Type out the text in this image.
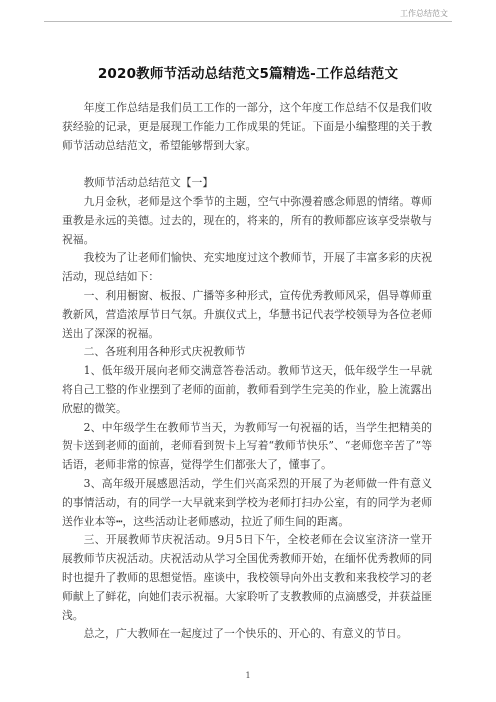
工作总结范文
2020教师节活动总结范文5篇精选-工作总结范文

年度工作总结是我们员工工作的一部分，这个年度工作总结不仅是我们收获经验的记录，更是展现工作能力工作成果的凭证。下面是小编整理的关于教师节活动总结范文，希望能够帮到大家。

教师节活动总结范文【一】

九月金秋，老师是这个季节的主题，空气中弥漫着感念师恩的情绪。尊师重教是永远的美德。过去的，现在的，将来的，所有的教师都应该享受崇敬与祝福。

我校为了让老师们愉快、充实地度过这个教师节，开展了丰富多彩的庆祝活动，现总结如下：

一、利用橱窗、板报、广播等多种形式，宣传优秀教师风采，倡导尊师重教新风，营造浓厚节日气氛。升旗仪式上，华慧书记代表学校领导为各位老师送出了深深的祝福。

二、各班利用各种形式庆祝教师节

1、低年级开展向老师交满意答卷活动。教师节这天，低年级学生一早就将自己工整的作业摆到了老师的面前，教师看到学生完美的作业，脸上流露出欣慰的微笑。

2、中年级学生在教师节当天，为教师写一句祝福的话，当学生把精美的贺卡送到老师的面前，老师看到贺卡上写着“教师节快乐”、“老师您辛苦了”等话语，老师非常的惊喜，觉得学生们都张大了，懂事了。

3、高年级开展感恩活动，学生们兴高采烈的开展了为老师做一件有意义的事情活动，有的同学一大早就来到学校为老师打扫办公室，有的同学为老师送作业本等┅，这些活动让老师感动，拉近了师生间的距离。

三、开展教师节庆祝活动。9月5日下午，全校老师在会议室济济一堂开展教师节庆祝活动。庆祝活动从学习全国优秀教师开始，在缅怀优秀教师的同时也提升了教师的思想觉悟。座谈中，我校领导向外出支教和来我校学习的老师献上了鲜花，向她们表示祝福。大家聆听了支教教师的点滴感受，并获益匪浅。

总之，广大教师在一起度过了一个快乐的、开心的、有意义的节日。

1
